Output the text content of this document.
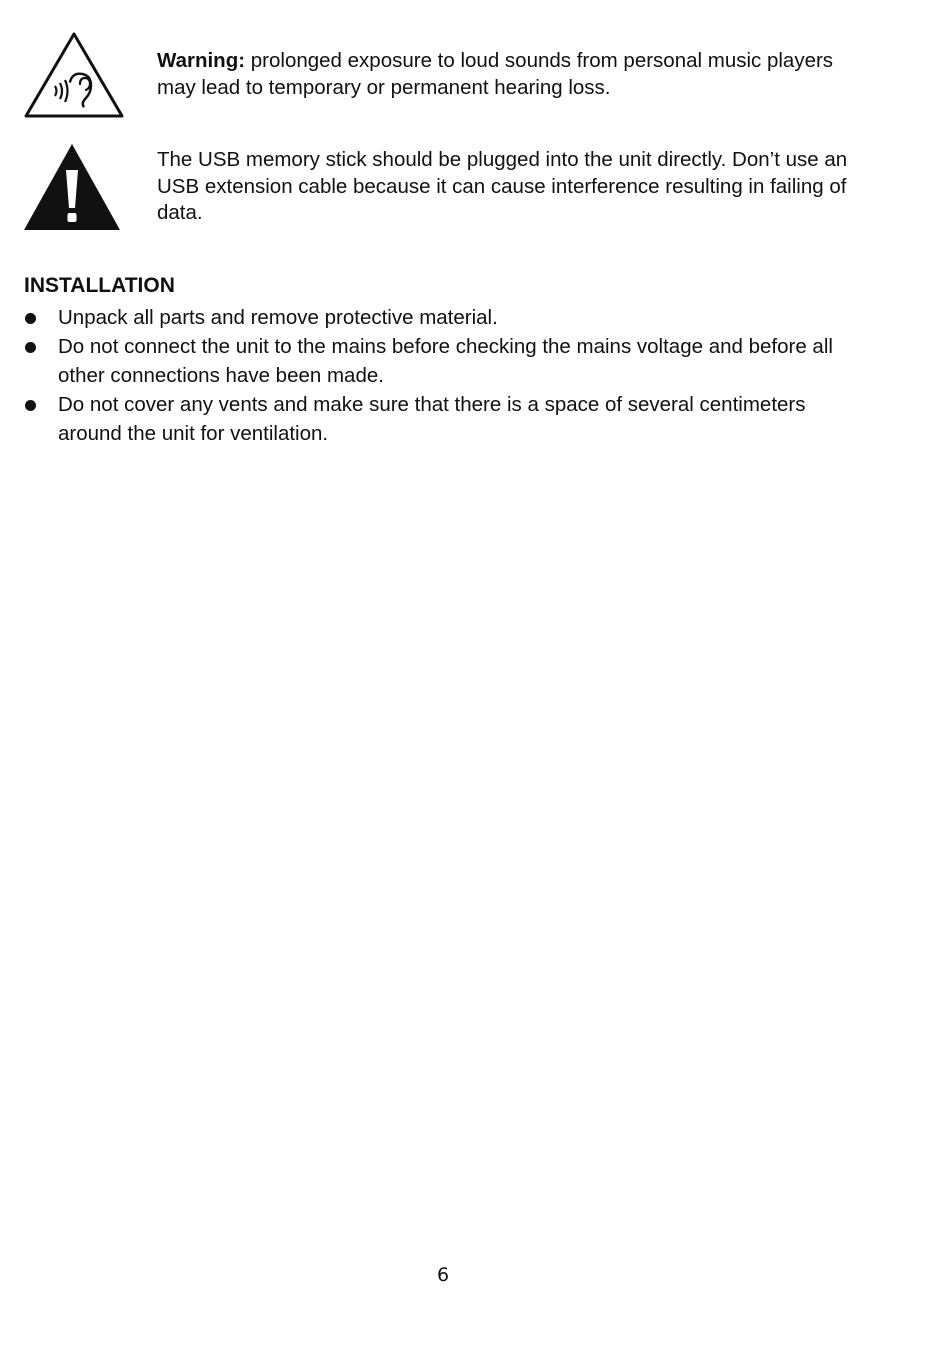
Warning: prolonged exposure to loud sounds from personal music players may lead to temporary or permanent hearing loss.
The USB memory stick should be plugged into the unit directly. Don’t use an USB extension cable because it can cause interference resulting in failing of data.
INSTALLATION
Unpack all parts and remove protective material.
Do not connect the unit to the mains before checking the mains voltage and before all other connections have been made.
Do not cover any vents and make sure that there is a space of several centimeters around the unit for ventilation.
6
